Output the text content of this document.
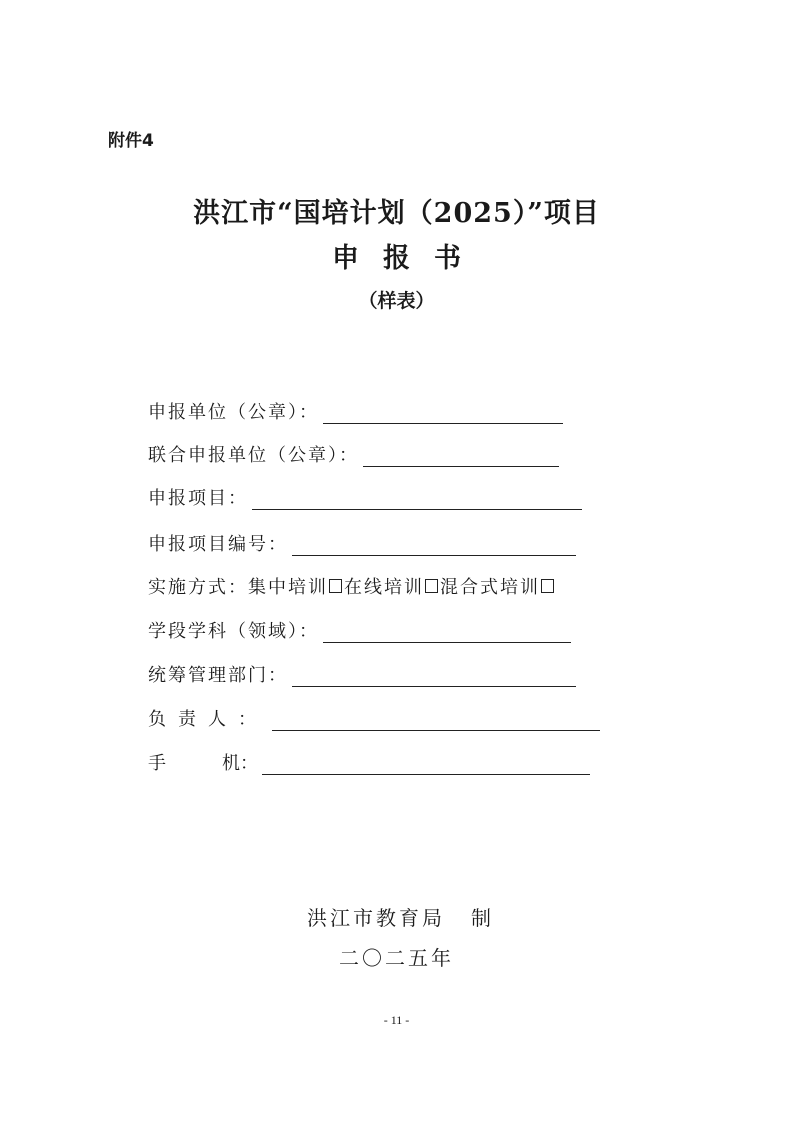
附件4
洪江市“国培计划（2025）”项目
申报书
（样表）
申报单位（公章）：
联合申报单位（公章）：
申报项目：
申报项目编号：
实施方式： 集中培训 在线培训 混合式培训
学段学科（领域）：
统筹管理部门：
负责人：
手	机：
洪江市教育局 制
二〇二五年
- 11 -
